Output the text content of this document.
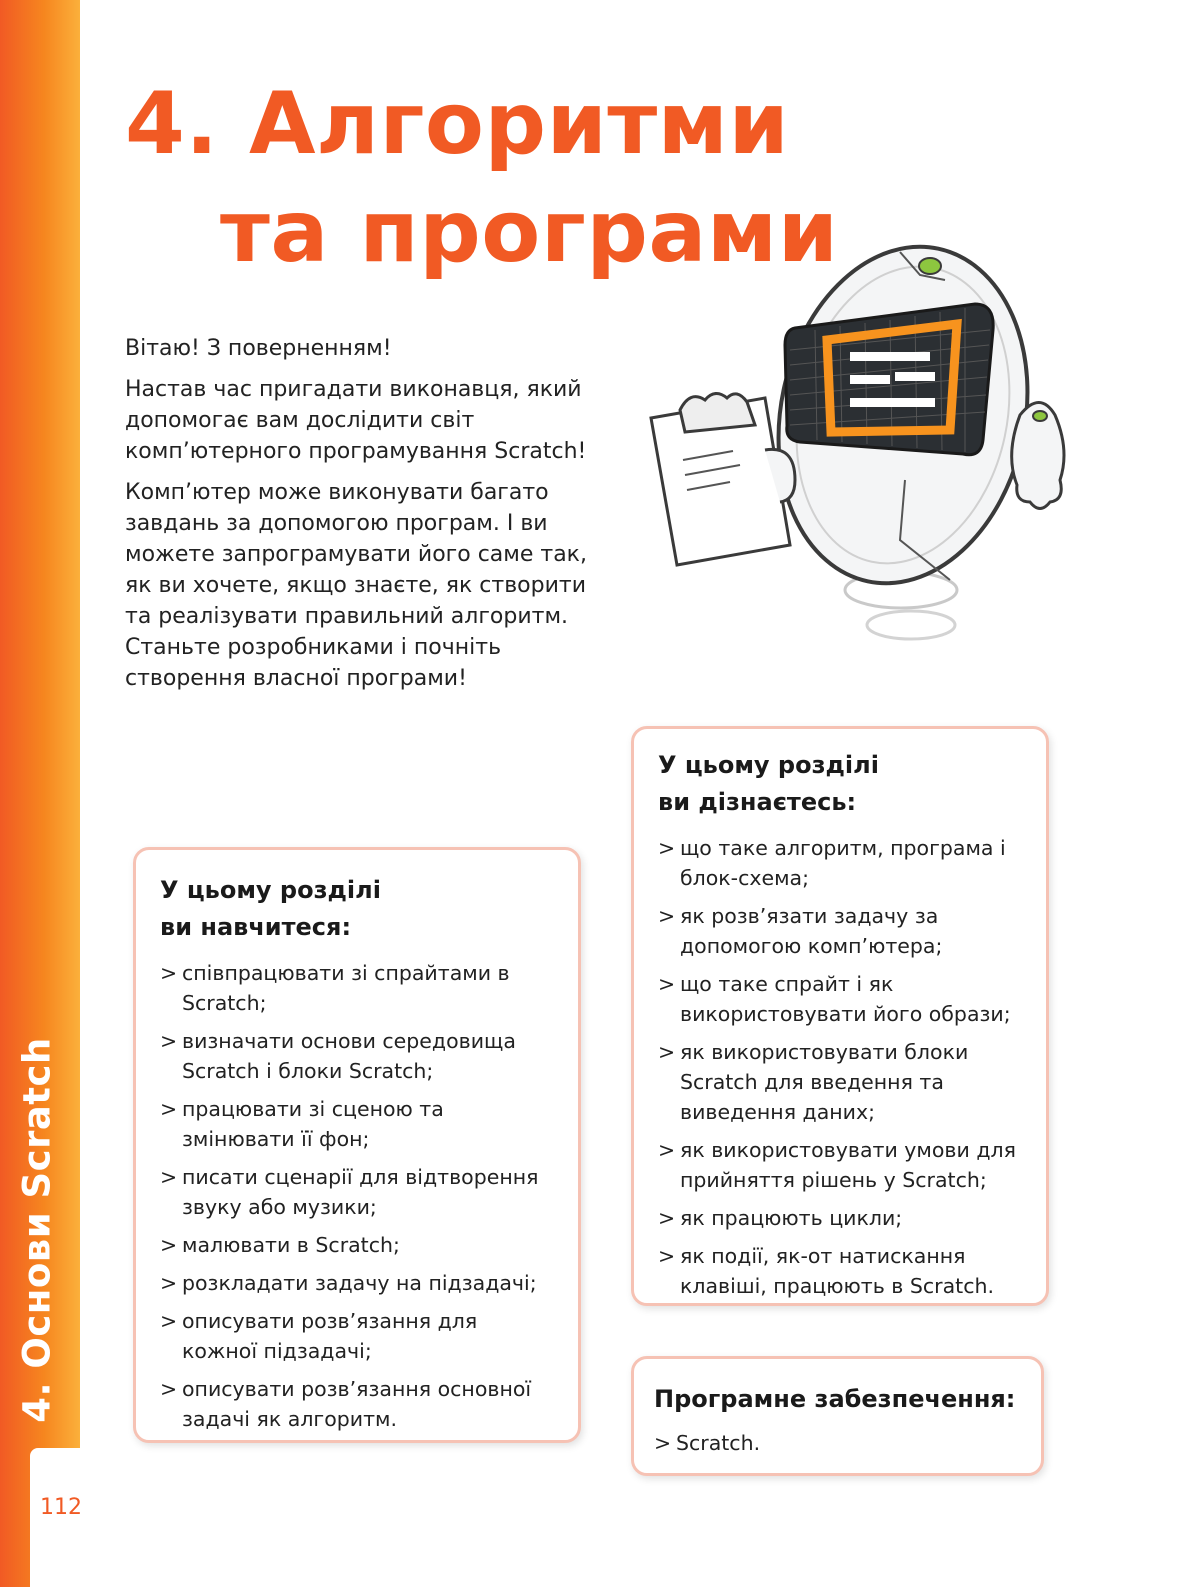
4. Основи Scratch
112
4. Алгоритми
та програми

Вітаю! З поверненням!

Настав час пригадати виконавця, який допомогає вам дослідити світ комп’ютерного програмування Scratch!

Комп’ютер може виконувати багато завдань за допомогою програм. І ви можете запрограмувати його саме так, як ви хочете, якщо знаєте, як створити та реалізувати правильний алгоритм. Станьте розробниками і почніть створення власної програми!

У цьому розділі
ви дізнаєтесь:
> що таке алгоритм, програма і блок-схема;
> як розв’язати задачу за допомогою комп’ютера;
> що таке спрайт і як використовувати його образи;
> як використовувати блоки Scratch для введення та виведення даних;
> як використовувати умови для прийняття рішень у Scratch;
> як працюють цикли;
> як події, як-от натискання клавіші, працюють в Scratch.
У цьому розділі
ви навчитеся:
> співпрацювати зі спрайтами в Scratch;
> визначати основи середовища Scratch і блоки Scratch;
> працювати зі сценою та змінювати її фон;
> писати сценарії для відтворення звуку або музики;
> малювати в Scratch;
> розкладати задачу на підзадачі;
> описувати розв’язання для кожної підзадачі;
> описувати розв’язання основної задачі як алгоритм.
Програмне забезпечення:
> Scratch.
